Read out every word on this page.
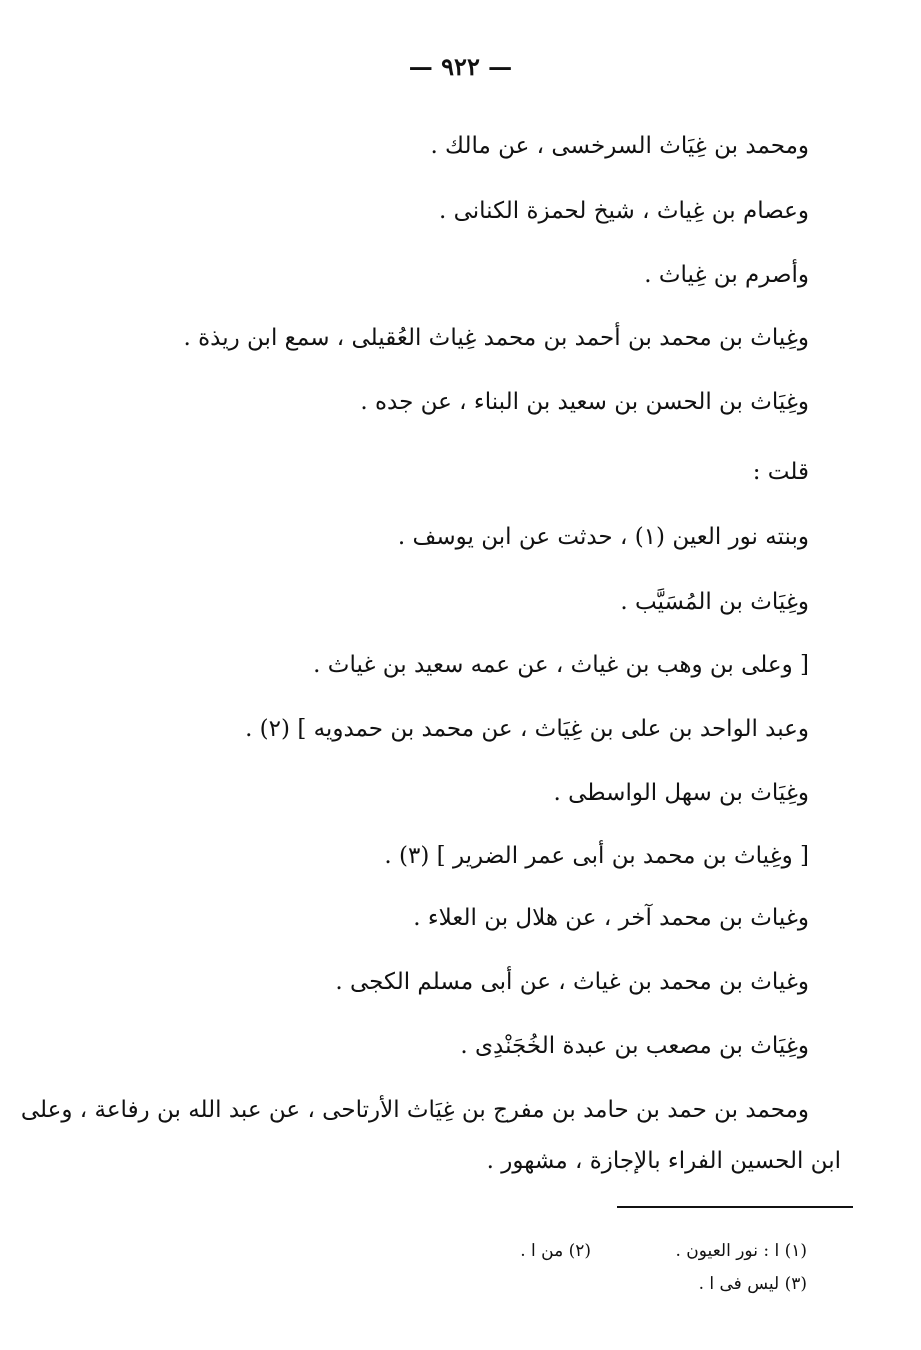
— ٩٢٢ —
ومحمد بن غِيَاث السرخسى ، عن مالك .
وعصام بن غِياث ، شيخ لحمزة الكنانى .
وأصرم بن غِياث .
وغِياث بن محمد بن أحمد بن محمد غِياث العُقيلى ، سمع ابن ريذة .
وغِيَاث بن الحسن بن سعيد بن البناء ، عن جده .
قلت :
وبنته نور العين (١) ، حدثت عن ابن يوسف .
وغِيَاث بن المُسَيَّب .
[ وعلى بن وهب بن غياث ، عن عمه سعيد بن غياث .
وعبد الواحد بن على بن غِيَاث ، عن محمد بن حمدويه ] (٢) .
وغِيَاث بن سهل الواسطى .
[ وغِياث بن محمد بن أبى عمر الضرير ] (٣) .
وغياث بن محمد آخر ، عن هلال بن العلاء .
وغياث بن محمد بن غياث ، عن أبى مسلم الكجى .
وغِيَاث بن مصعب بن عبدة الخُجَنْدِى .
ومحمد بن حمد بن حامد بن مفرج بن غِيَاث الأرتاحى ، عن عبد الله بن رفاعة ، وعلى
ابن الحسين الفراء بالإجازة ، مشهور .
(١) ا : نور العيون .
(٢) من ا .
(٣) ليس فى ا .
